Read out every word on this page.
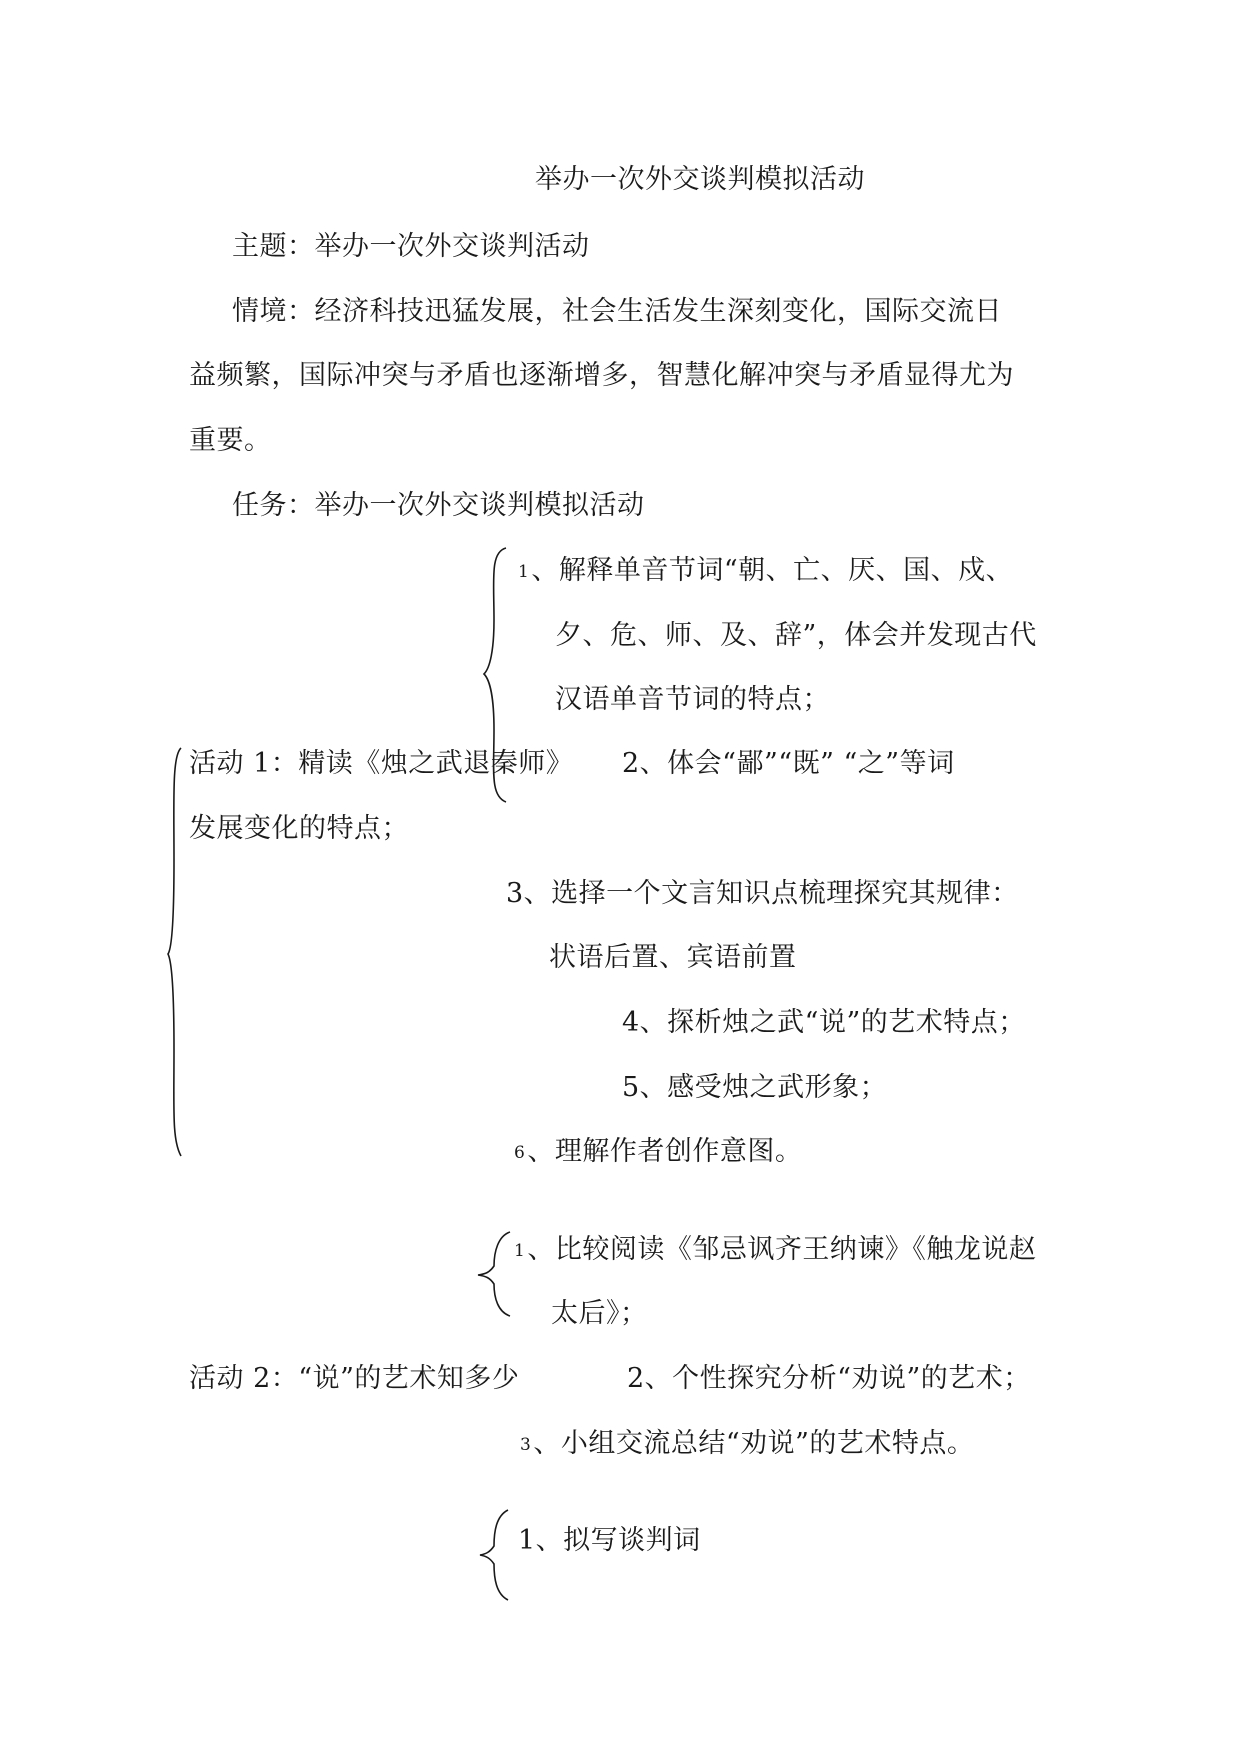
举办一次外交谈判模拟活动
主题：举办一次外交谈判活动
情境：经济科技迅猛发展，社会生活发生深刻变化，国际交流日
益频繁，国际冲突与矛盾也逐渐增多，智慧化解冲突与矛盾显得尤为
重要。
任务：举办一次外交谈判模拟活动
1、解释单音节词“朝、亡、厌、国、戍、
夕、危、师、及、辞”，体会并发现古代
汉语单音节词的特点；
活动 1：精读《烛之武退秦师》 2、体会“鄙”“既” “之”等词
发展变化的特点；
3、选择一个文言知识点梳理探究其规律：
状语后置、宾语前置
4、探析烛之武“说”的艺术特点；
5、感受烛之武形象；
6、理解作者创作意图。
1、比较阅读《邹忌讽齐王纳谏》《触龙说赵
太后》；
活动 2：“说”的艺术知多少	2、个性探究分析“劝说”的艺术；
3、小组交流总结“劝说”的艺术特点。
1、拟写谈判词
